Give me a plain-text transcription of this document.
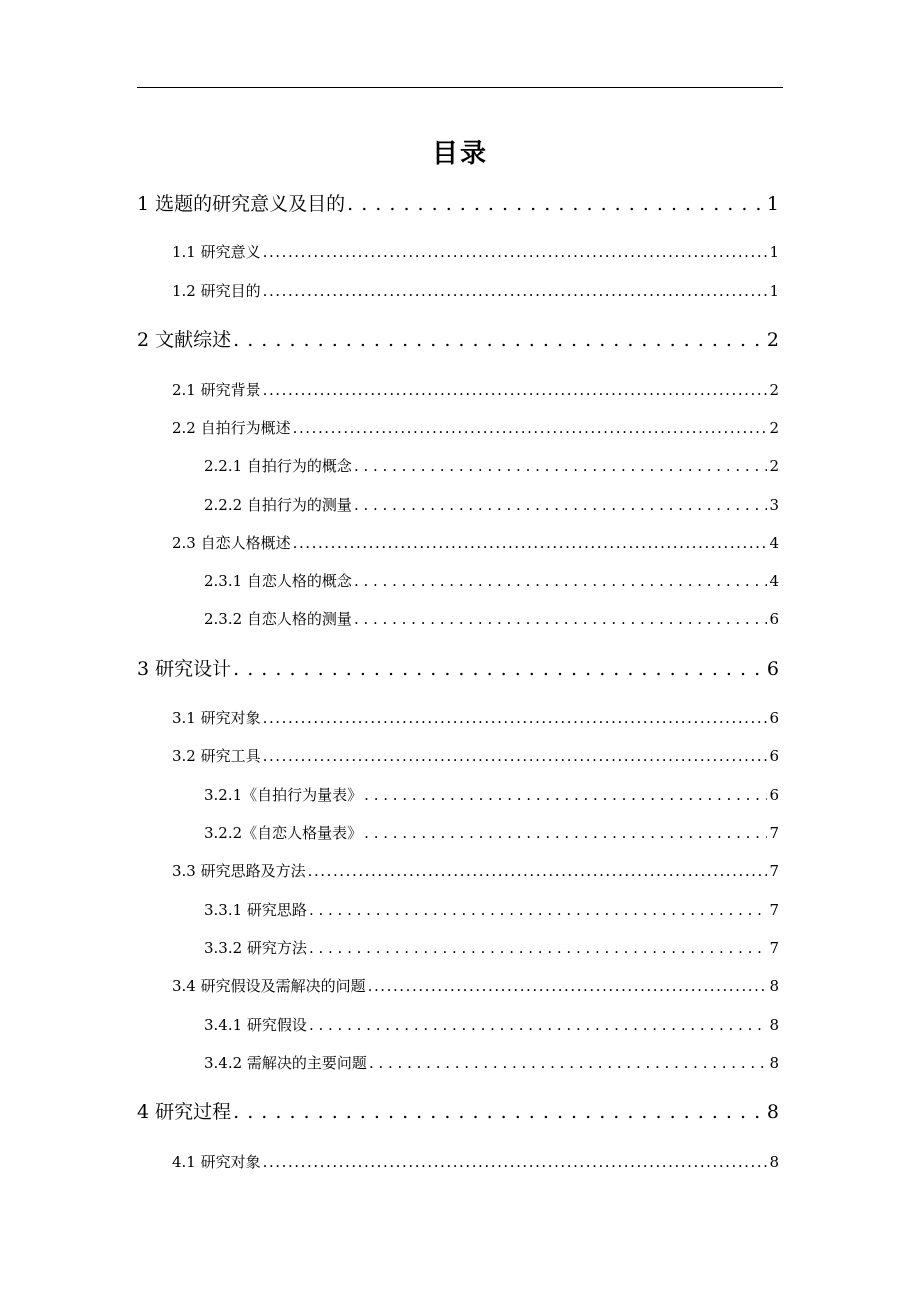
目录
1 选题的研究意义及目的 . . .	1
1.1 研究意义 . . .	1
1.2 研究目的 . . .	1
2 文献综述 . . .	2
2.1 研究背景 . . .	2
2.2 自拍行为概述 . . .	2
2.2.1 自拍行为的概念 . . .	2
2.2.2 自拍行为的测量 . . .	3
2.3 自恋人格概述 . . .	4
2.3.1 自恋人格的概念 . . .	4
2.3.2 自恋人格的测量 . . .	6
3 研究设计 . . .	6
3.1 研究对象 . . .	6
3.2 研究工具 . . .	6
3.2.1《自拍行为量表》 . . .	6
3.2.2《自恋人格量表》 . . .	7
3.3 研究思路及方法 . . .	7
3.3.1 研究思路 . . .	7
3.3.2 研究方法 . . .	7
3.4 研究假设及需解决的问题 . . .	8
3.4.1 研究假设 . . .	8
3.4.2 需解决的主要问题 . . .	8
4 研究过程 . . .	8
4.1 研究对象 . . .	8
